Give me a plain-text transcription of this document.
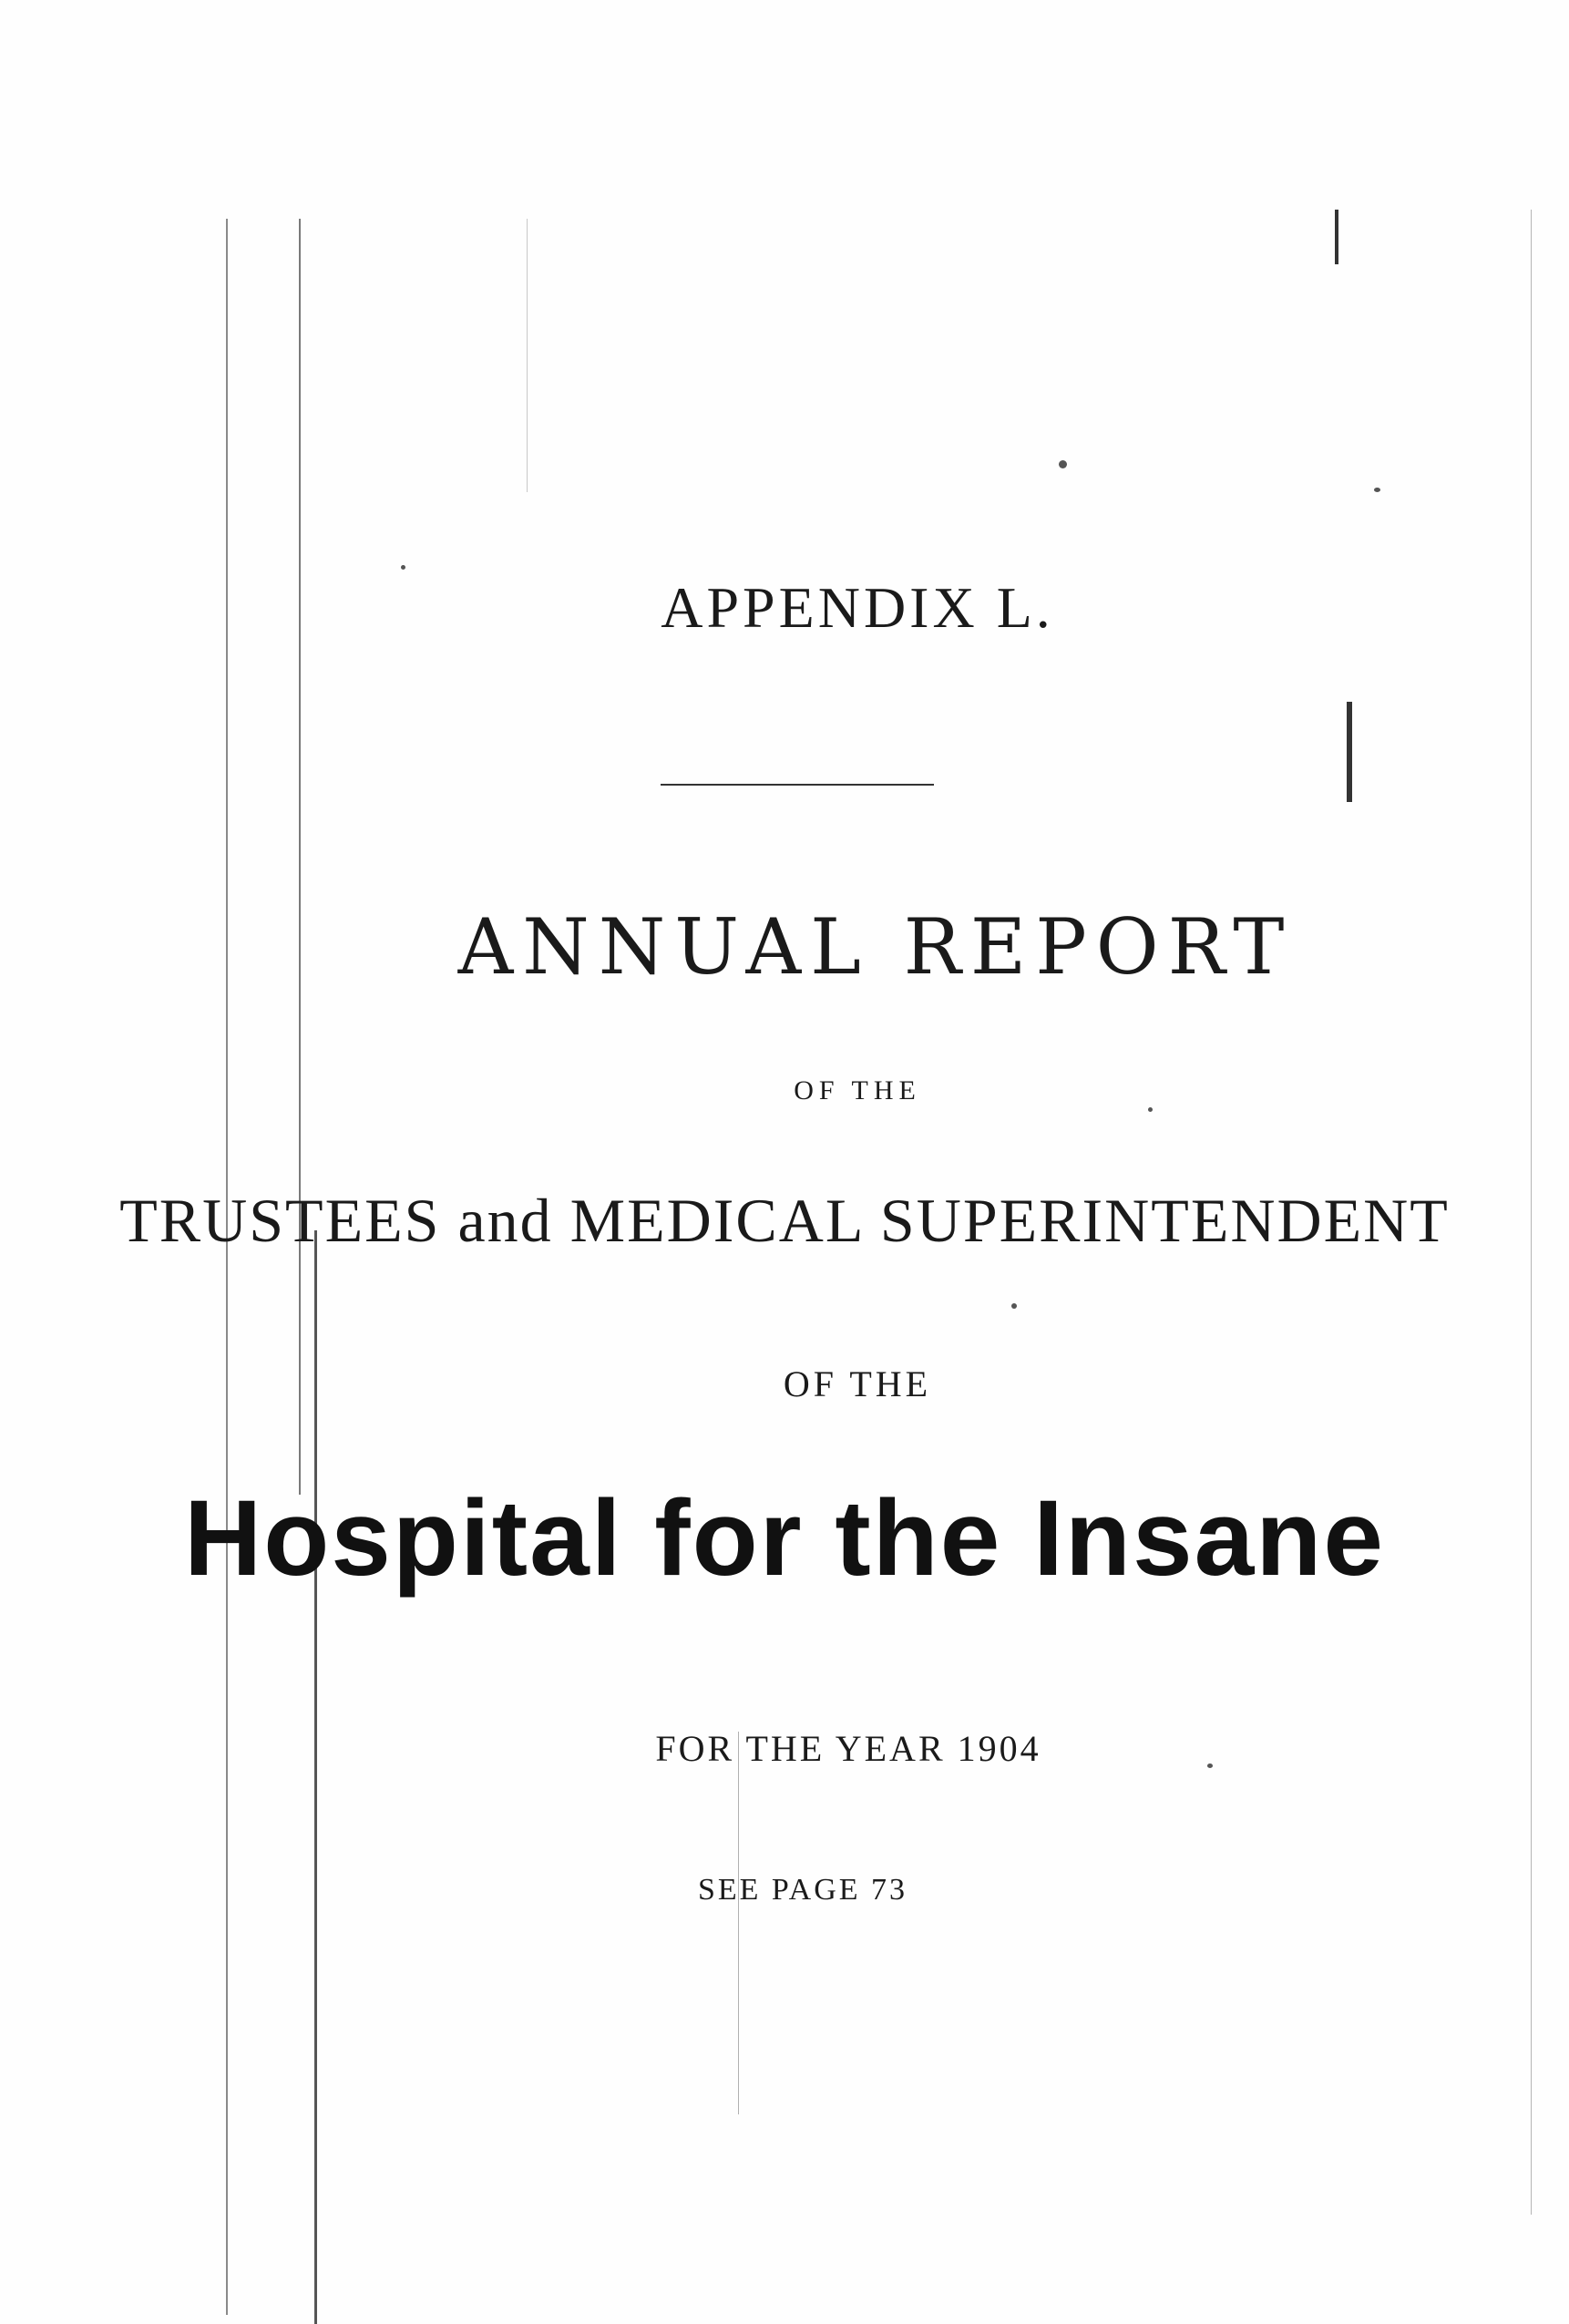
APPENDIX L.
ANNUAL REPORT
OF THE
TRUSTEES and MEDICAL SUPERINTENDENT
OF THE
Hospital for the Insane
FOR THE YEAR 1904
SEE PAGE 73
